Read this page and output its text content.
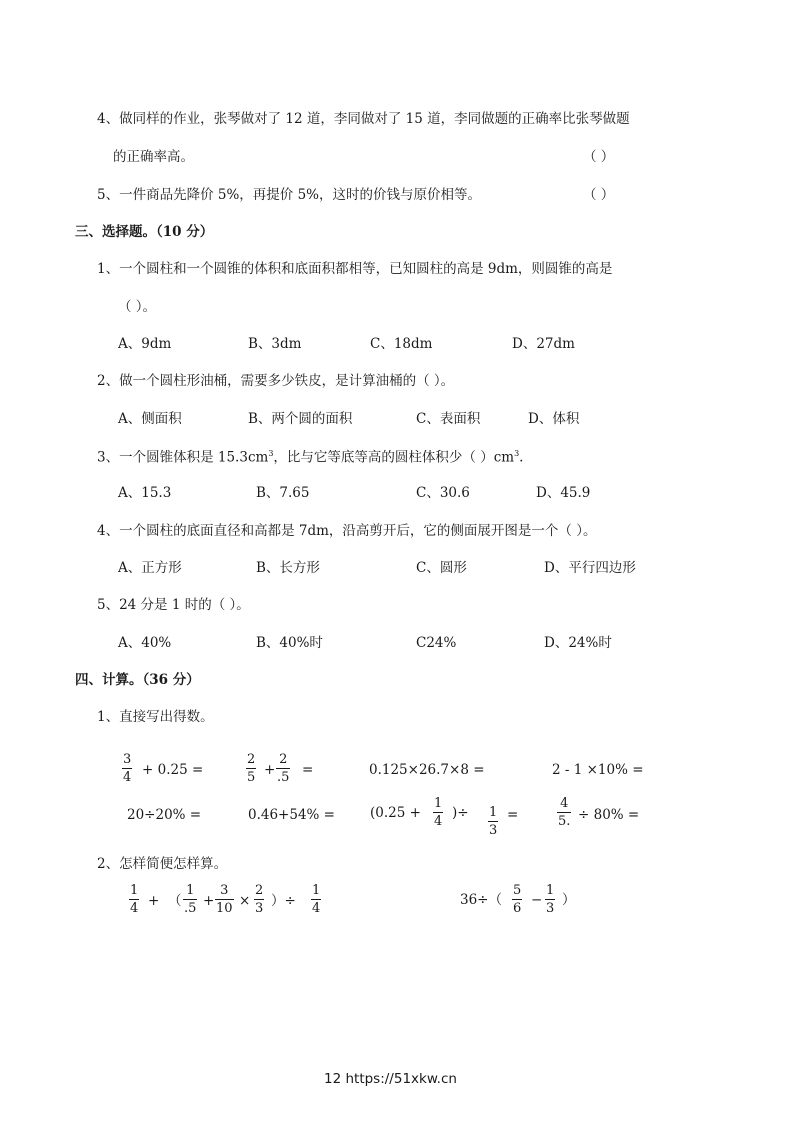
4、做同样的作业，张琴做对了 12 道，李同做对了 15 道，李同做题的正确率比张琴做题
的正确率高。	（ ）
5、一件商品先降价 5%，再提价 5%，这时的价钱与原价相等。	（ ）
三、选择题。（10 分）
1、一个圆柱和一个圆锥的体积和底面积都相等，已知圆柱的高是 9dm，则圆锥的高是
（ ）。
A、9dm	B、3dm	C、18dm	D、27dm
2、做一个圆柱形油桶，需要多少铁皮，是计算油桶的（ ）。
A、侧面积	B、两个圆的面积	C、表面积	D、体积
3、一个圆锥体积是 $15.3cm^3$，比与它等底等高的圆柱体积少（ ）$cm^3$.
A、15.3	B、7.65	C、30.6	D、45.9
4、一个圆柱的底面直径和高都是 7dm，沿高剪开后，它的侧面展开图是一个（ ）。
A、正方形	B、长方形	C、圆形	D、平行四边形
5、24 分是 1 时的（ ）。
A、40%	B、40%时	C24%	D、24%时
四、计算。（36 分）
1、直接写出得数。
$\frac{3}{4} + 0.25$ =	$\frac{2}{5} + \frac{2}{.5}$ =	0.125×26.7×8 =	2 - 1 ×10% =
20÷20% =	0.46+54% =	($0.25 + \frac{1}{4}$ )÷ $\frac{1}{3}$ =	$\frac{4}{5.} \div 80\%$ =
2、怎样简便怎样算。
$\frac{1}{4}$ + （ $\frac{1}{.5} + \frac{3}{10} \times \frac{2}{3}$ ）÷ $\frac{1}{4}$	$36\div( \frac{5}{6} - \frac{1}{3}$ ）
12 https://51xkw.cn
